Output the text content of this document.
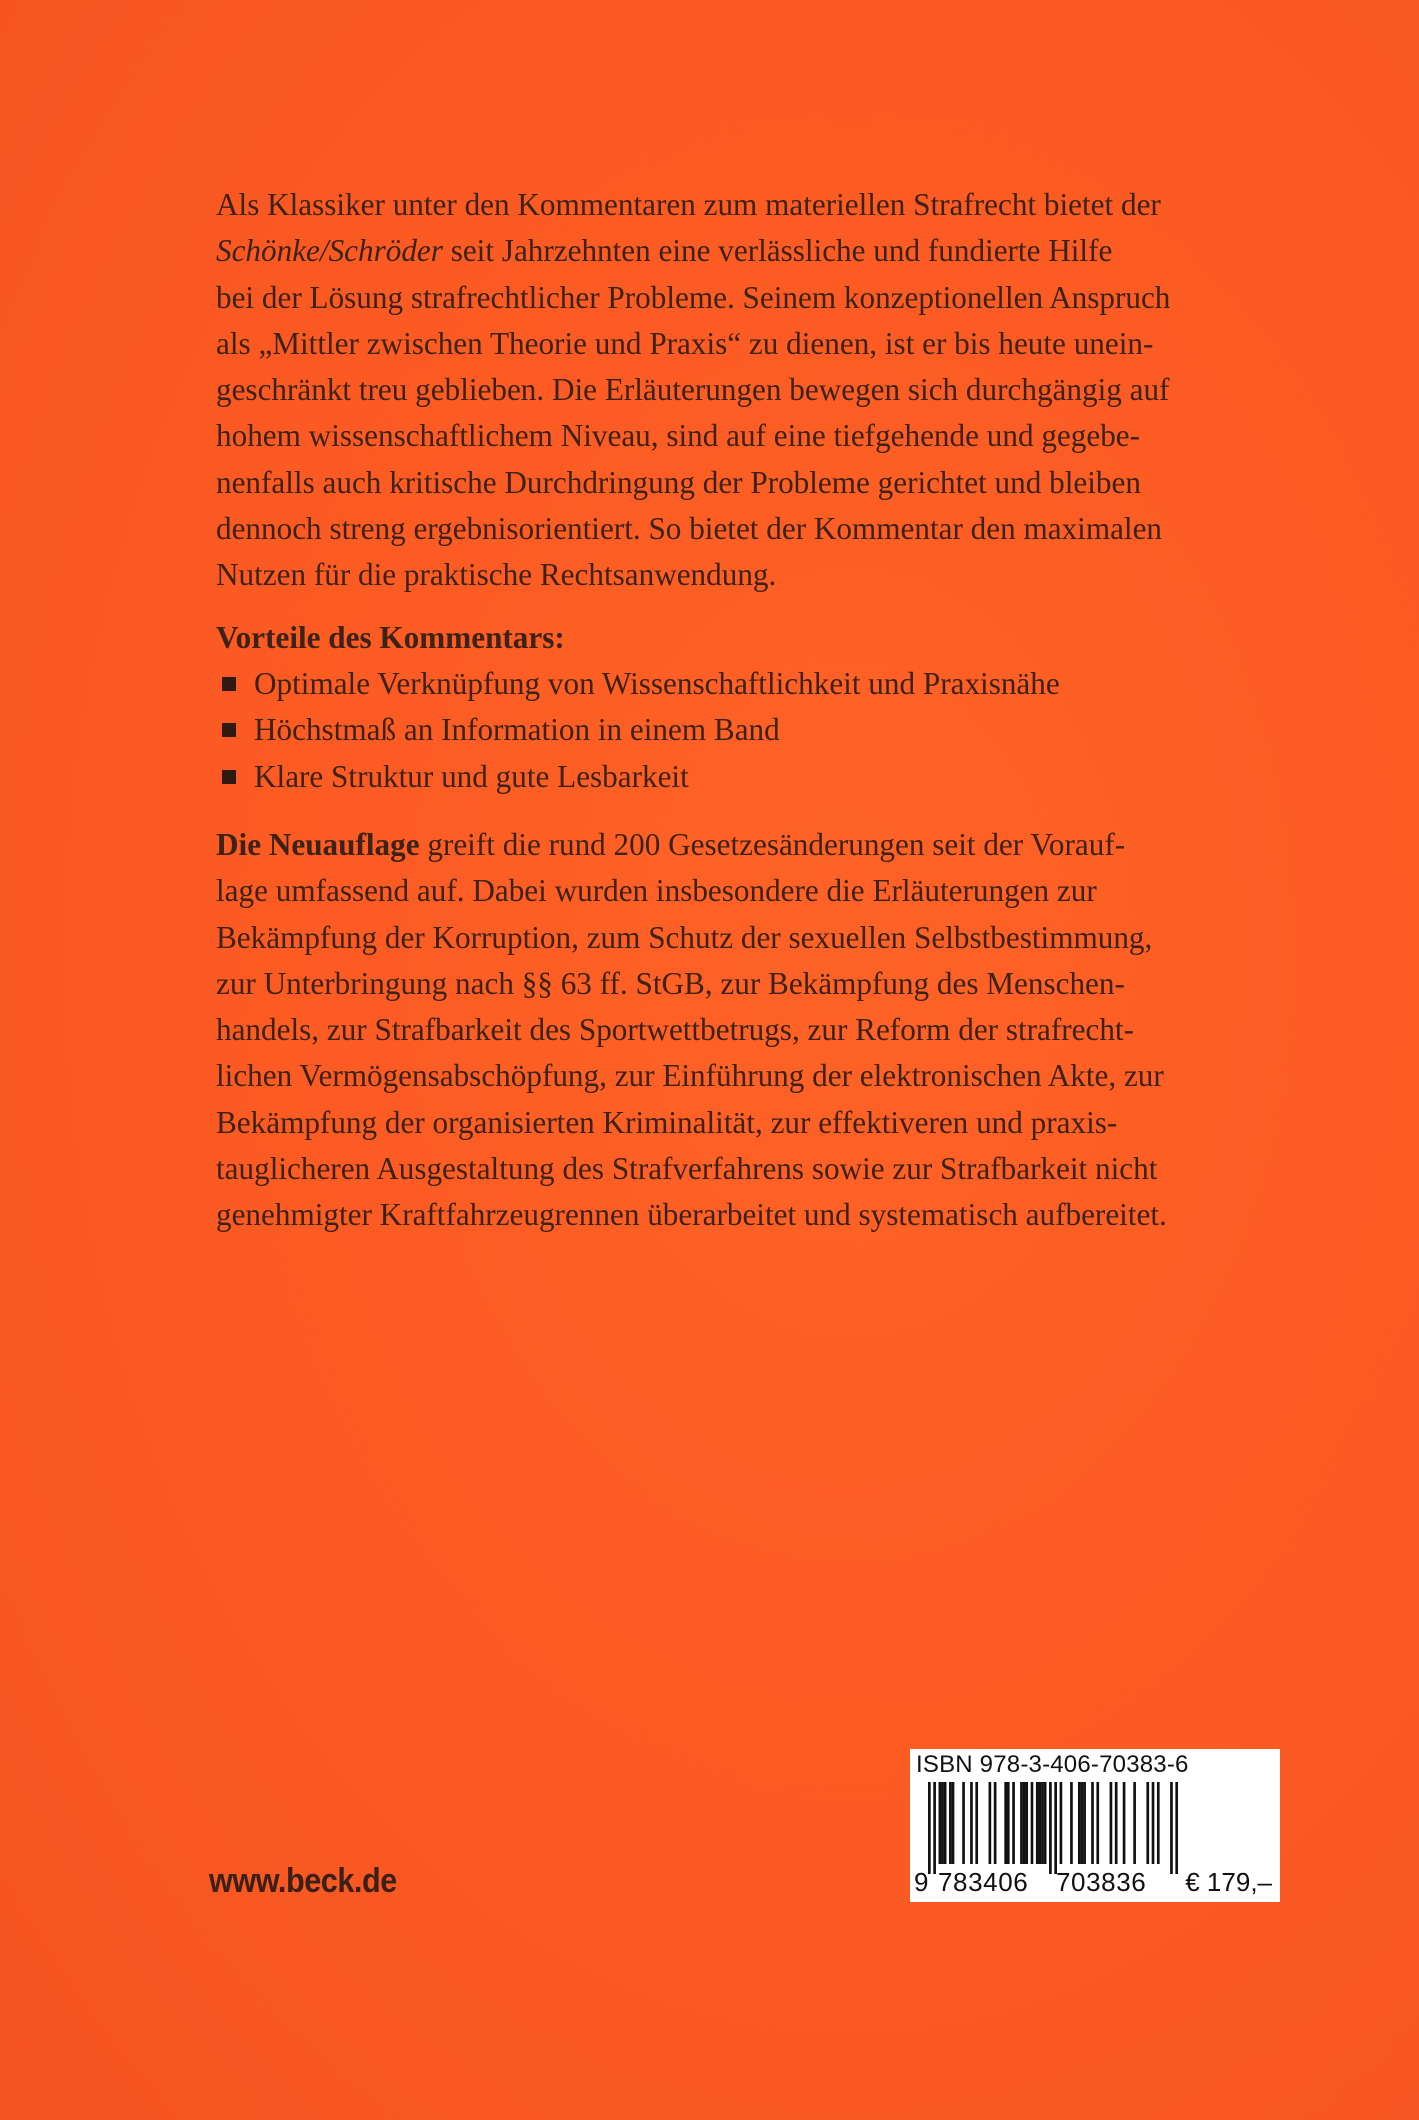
Als Klassiker unter den Kommentaren zum materiellen Strafrecht bietet der
Schönke/Schröder seit Jahrzehnten eine verlässliche und fundierte Hilfe
bei der Lösung strafrechtlicher Probleme. Seinem konzeptionellen Anspruch
als „Mittler zwischen Theorie und Praxis“ zu dienen, ist er bis heute unein-
geschränkt treu geblieben. Die Erläuterungen bewegen sich durchgängig auf
hohem wissenschaftlichem Niveau, sind auf eine tiefgehende und gegebe-
nenfalls auch kritische Durchdringung der Probleme gerichtet und bleiben
dennoch streng ergebnisorientiert. So bietet der Kommentar den maximalen
Nutzen für die praktische Rechtsanwendung.
Vorteile des Kommentars:
Optimale Verknüpfung von Wissenschaftlichkeit und Praxisnähe
Höchstmaß an Information in einem Band
Klare Struktur und gute Lesbarkeit
Die Neuauflage greift die rund 200 Gesetzesänderungen seit der Vorauf-
lage umfassend auf. Dabei wurden insbesondere die Erläuterungen zur
Bekämpfung der Korruption, zum Schutz der sexuellen Selbstbestimmung,
zur Unterbringung nach §§ 63 ff. StGB, zur Bekämpfung des Menschen-
handels, zur Strafbarkeit des Sportwettbetrugs, zur Reform der strafrecht-
lichen Vermögensabschöpfung, zur Einführung der elektronischen Akte, zur
Bekämpfung der organisierten Kriminalität, zur effektiveren und praxis-
tauglicheren Ausgestaltung des Strafverfahrens sowie zur Strafbarkeit nicht
genehmigter Kraftfahrzeugrennen überarbeitet und systematisch aufbereitet.
www.beck.de
ISBN 978-3-406-70383-6
9 783406 703836 € 179,–
